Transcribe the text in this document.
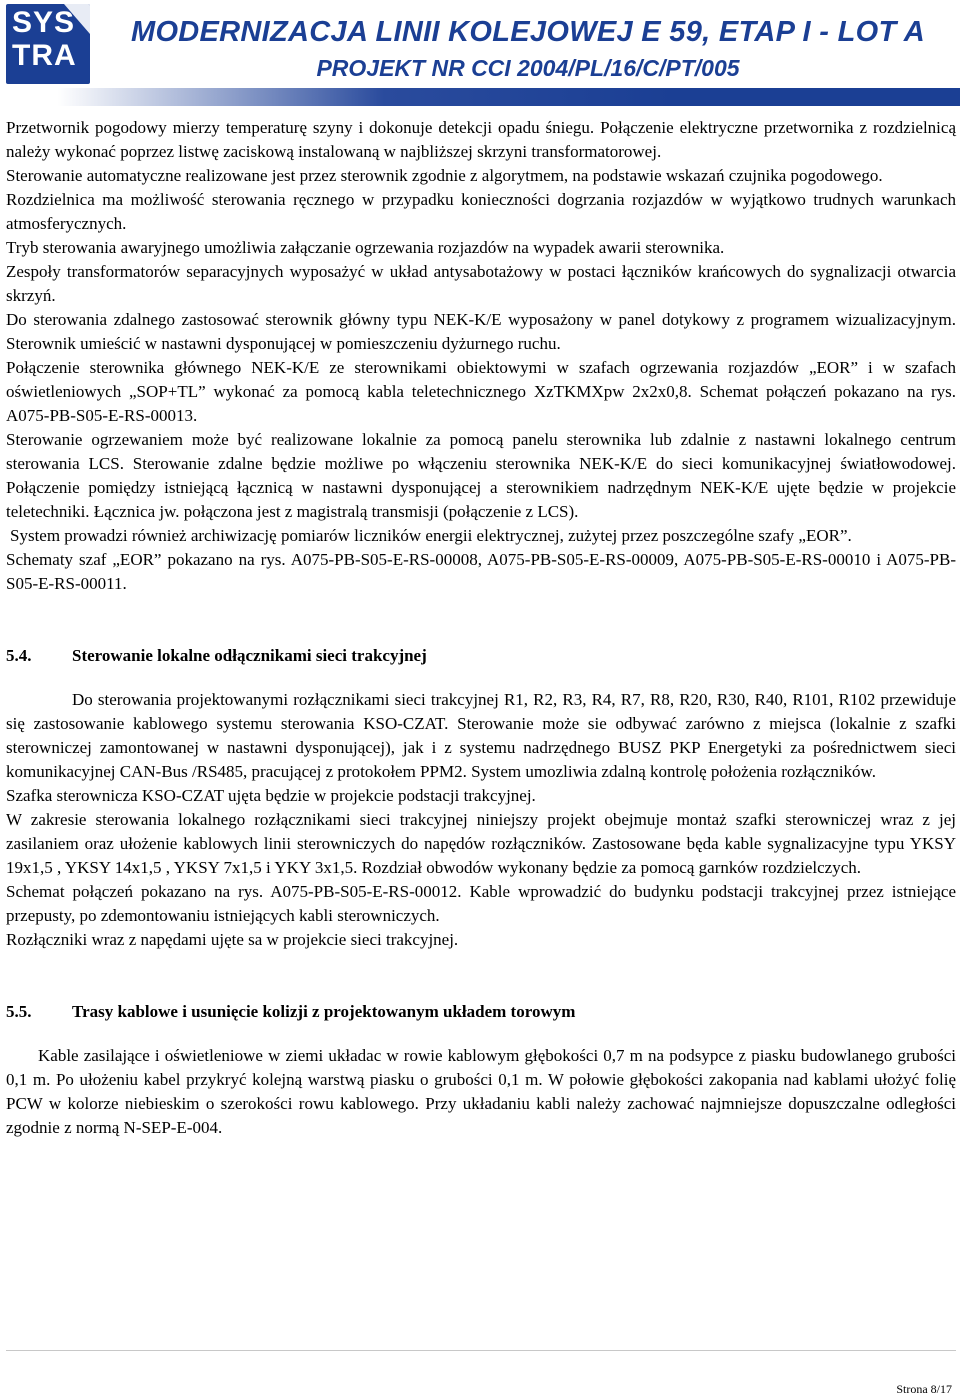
SYS
TRA
MODERNIZACJA LINII KOLEJOWEJ E 59, ETAP I - LOT A
PROJEKT NR CCI 2004/PL/16/C/PT/005

Przetwornik pogodowy mierzy temperaturę szyny i dokonuje detekcji opadu śniegu. Połączenie elektryczne przetwornika z rozdzielnicą należy wykonać poprzez listwę zaciskową instalowaną w najbliższej skrzyni transformatorowej.

Sterowanie automatyczne realizowane jest przez sterownik zgodnie z algorytmem, na podstawie wskazań czujnika pogodowego.

Rozdzielnica ma możliwość sterowania ręcznego w przypadku konieczności dogrzania rozjazdów w wyjątkowo trudnych warunkach atmosferycznych.

Tryb sterowania awaryjnego umożliwia załączanie ogrzewania rozjazdów na wypadek awarii sterownika.

Zespoły transformatorów separacyjnych wyposażyć w układ antysabotażowy w postaci łączników krańcowych do sygnalizacji otwarcia skrzyń.

Do sterowania zdalnego zastosować sterownik główny typu NEK-K/E wyposażony w panel dotykowy z programem wizualizacyjnym. Sterownik umieścić w nastawni dysponującej w pomieszczeniu dyżurnego ruchu.

Połączenie sterownika głównego NEK-K/E ze sterownikami obiektowymi w szafach ogrzewania rozjazdów „EOR” i w szafach oświetleniowych „SOP+TL” wykonać za pomocą kabla teletechnicznego XzTKMXpw 2x2x0,8. Schemat połączeń pokazano na rys. A075-PB-S05-E-RS-00013.

Sterowanie ogrzewaniem może być realizowane lokalnie za pomocą panelu sterownika lub zdalnie z nastawni lokalnego centrum sterowania LCS. Sterowanie zdalne będzie możliwe po włączeniu sterownika NEK-K/E do sieci komunikacyjnej światłowodowej. Połączenie pomiędzy istniejącą łącznicą w nastawni dysponującej a sterownikiem nadrzędnym NEK-K/E ujęte będzie w projekcie teletechniki. Łącznica jw. połączona jest z magistralą transmisji (połączenie z LCS).

System prowadzi również archiwizację pomiarów liczników energii elektrycznej, zużytej przez poszczególne szafy „EOR”.

Schematy szaf „EOR” pokazano na rys. A075-PB-S05-E-RS-00008, A075-PB-S05-E-RS-00009, A075-PB-S05-E-RS-00010 i A075-PB-S05-E-RS-00011.

5.4. Sterowanie lokalne odłącznikami sieci trakcyjnej

Do sterowania projektowanymi rozłącznikami sieci trakcyjnej R1, R2, R3, R4, R7, R8, R20, R30, R40, R101, R102 przewiduje się zastosowanie kablowego systemu sterowania KSO-CZAT. Sterowanie może sie odbywać zarówno z miejsca (lokalnie z szafki sterowniczej zamontowanej w nastawni dysponującej), jak i z systemu nadrzędnego BUSZ PKP Energetyki za pośrednictwem sieci komunikacyjnej CAN-Bus /RS485, pracującej z protokołem PPM2. System umozliwia zdalną kontrolę położenia rozłączników.

Szafka sterownicza KSO-CZAT ujęta będzie w projekcie podstacji trakcyjnej.

W zakresie sterowania lokalnego rozłącznikami sieci trakcyjnej niniejszy projekt obejmuje montaż szafki sterowniczej wraz z jej zasilaniem oraz ułożenie kablowych linii sterowniczych do napędów rozłączników. Zastosowane będa kable sygnalizacyjne typu YKSY 19x1,5 , YKSY 14x1,5 , YKSY 7x1,5 i YKY 3x1,5. Rozdział obwodów wykonany będzie za pomocą garnków rozdzielczych.

Schemat połączeń pokazano na rys. A075-PB-S05-E-RS-00012. Kable wprowadzić do budynku podstacji trakcyjnej przez istniejące przepusty, po zdemontowaniu istniejących kabli sterowniczych.

Rozłączniki wraz z napędami ujęte sa w projekcie sieci trakcyjnej.

5.5. Trasy kablowe i usunięcie kolizji z projektowanym układem torowym

Kable zasilające i oświetleniowe w ziemi układac w rowie kablowym głębokości 0,7 m na podsypce z piasku budowlanego grubości 0,1 m. Po ułożeniu kabel przykryć kolejną warstwą piasku o grubości 0,1 m. W połowie głębokości zakopania nad kablami ułożyć folię PCW w kolorze niebieskim o szerokości rowu kablowego. Przy układaniu kabli należy zachować najmniejsze dopuszczalne odległości zgodnie z normą N-SEP-E-004.

Strona 8/17
